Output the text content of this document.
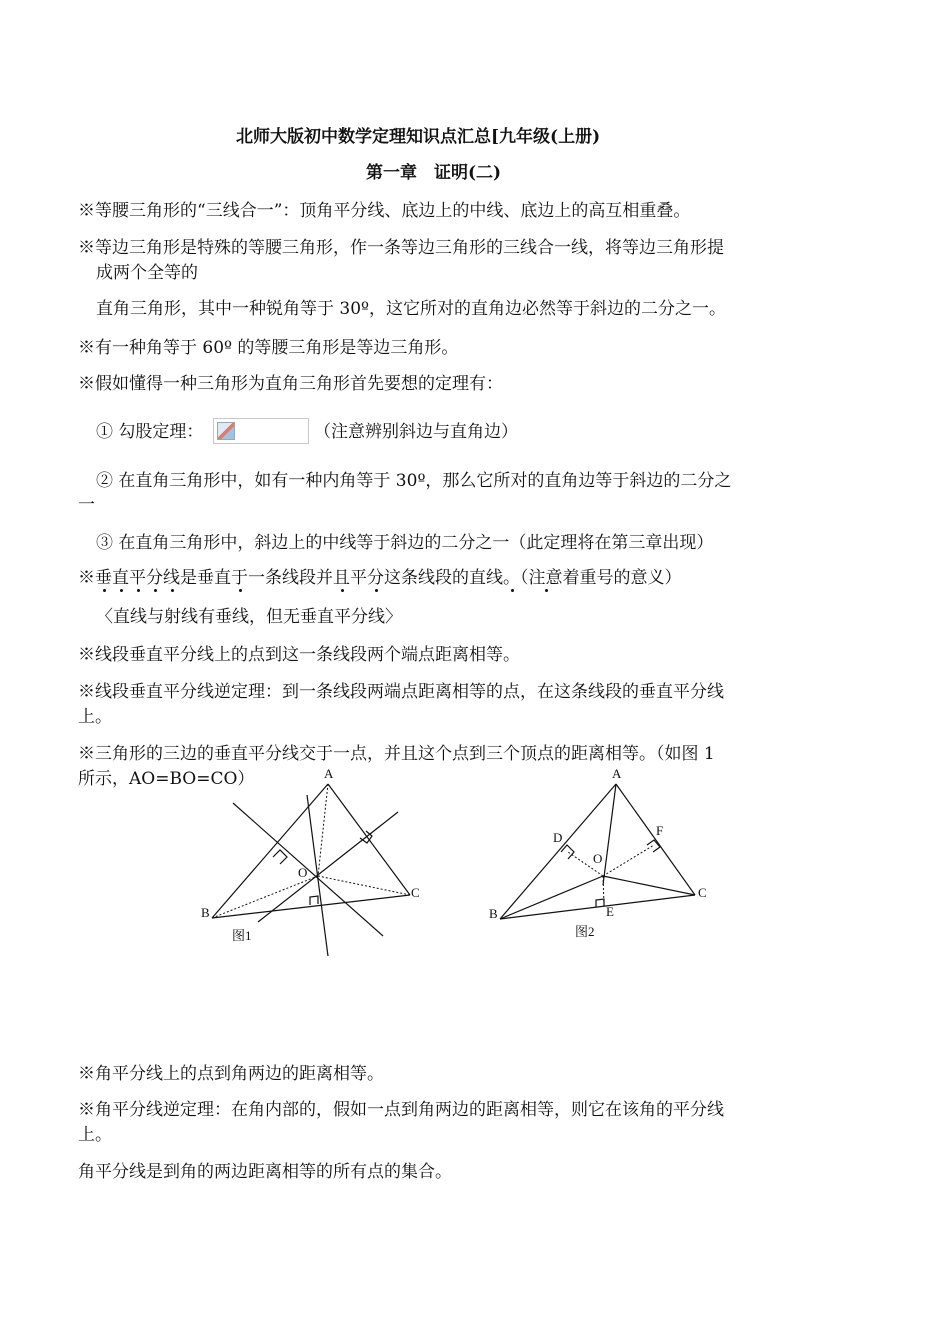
北师大版初中数学定理知识点汇总[九年级(上册)
第一章　证明(二)
※等腰三角形的“三线合一”：顶角平分线、底边上的中线、底边上的高互相重叠。
※等边三角形是特殊的等腰三角形，作一条等边三角形的三线合一线，将等边三角形提
成两个全等的
直角三角形，其中一种锐角等于 30º，这它所对的直角边必然等于斜边的二分之一。
※有一种角等于 60º 的等腰三角形是等边三角形。
※假如懂得一种三角形为直角三角形首先要想的定理有：
① 勾股定理：	（注意辨别斜边与直角边）
② 在直角三角形中，如有一种内角等于 30º，那么它所对的直角边等于斜边的二分之
一
③ 在直角三角形中，斜边上的中线等于斜边的二分之一（此定理将在第三章出现）
※垂直平分线是垂直于一条线段并且平分这条线段的直线。（注意着重号的意义）
〈直线与射线有垂线，但无垂直平分线〉
※线段垂直平分线上的点到这一条线段两个端点距离相等。
※线段垂直平分线逆定理：到一条线段两端点距离相等的点，在这条线段的垂直平分线
上。
※三角形的三边的垂直平分线交于一点，并且这个点到三个顶点的距离相等。（如图 1
所示，AO=BO=CO）	A
B
C
O
图1
A
B
C
O
D
E
F
图2
※角平分线上的点到角两边的距离相等。
※角平分线逆定理：在角内部的，假如一点到角两边的距离相等，则它在该角的平分线
上。
角平分线是到角的两边距离相等的所有点的集合。
